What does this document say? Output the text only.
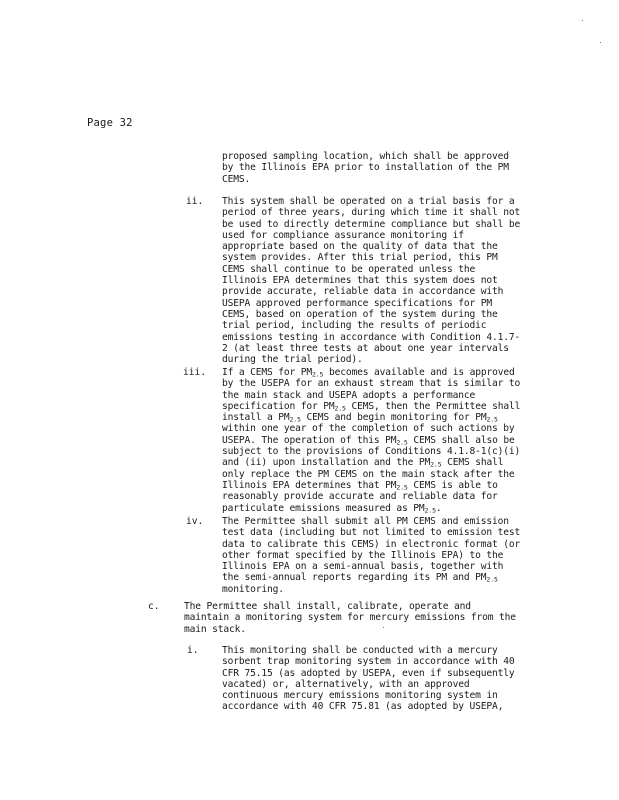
Page 32
proposed sampling location, which shall be approved
by the Illinois EPA prior to installation of the PM
CEMS.
ii. This system shall be operated on a trial basis for a
period of three years, during which time it shall not
be used to directly determine compliance but shall be
used for compliance assurance monitoring if
appropriate based on the quality of data that the
system provides. After this trial period, this PM
CEMS shall continue to be operated unless the
Illinois EPA determines that this system does not
provide accurate, reliable data in accordance with
USEPA approved performance specifications for PM
CEMS, based on operation of the system during the
trial period, including the results of periodic
emissions testing in accordance with Condition 4.1.7-
2 (at least three tests at about one year intervals
during the trial period).
iii. If a CEMS for $PM_{2.5}$ becomes available and is approved
by the USEPA for an exhaust stream that is similar to
the main stack and USEPA adopts a performance
specification for $PM_{2.5}$ CEMS, then the Permittee shall
install a $PM_{2.5}$ CEMS and begin monitoring for $PM_{2.5}$
within one year of the completion of such actions by
USEPA. The operation of this $PM_{2.5}$ CEMS shall also be
subject to the provisions of Conditions 4.1.8-1(c)(i)
and (ii) upon installation and the $PM_{2.5}$ CEMS shall
only replace the PM CEMS on the main stack after the
Illinois EPA determines that $PM_{2.5}$ CEMS is able to
reasonably provide accurate and reliable data for
particulate emissions measured as $PM_{2.5}$.
iv. The Permittee shall submit all PM CEMS and emission
test data (including but not limited to emission test
data to calibrate this CEMS) in electronic format (or
other format specified by the Illinois EPA) to the
Illinois EPA on a semi-annual basis, together with
the semi-annual reports regarding its PM and $PM_{2.5}$
monitoring.
c.	The Permittee shall install, calibrate, operate and
maintain a monitoring system for mercury emissions from the
main stack.
i. This monitoring shall be conducted with a mercury
sorbent trap monitoring system in accordance with 40
CFR 75.15 (as adopted by USEPA, even if subsequently
vacated) or, alternatively, with an approved
continuous mercury emissions monitoring system in
accordance with 40 CFR 75.81 (as adopted by USEPA,
